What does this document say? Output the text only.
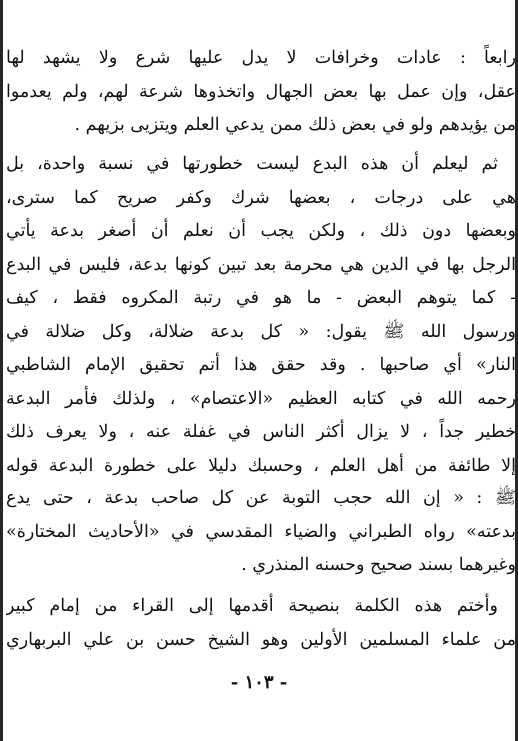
رابعاً : عادات وخرافات لا يدل عليها شرع ولا يشهد لها
عقل، وإن عمل بها بعض الجهال واتخذوها شرعة لهم، ولم يعدموا
من يؤيدهم ولو في بعض ذلك ممن يدعي العلم ويتزيى بزيهم .
ثم ليعلم أن هذه البدع ليست خطورتها في نسبة واحدة، بل
هي على درجات ، بعضها شرك وكفر صريح كما سترى،
وبعضها دون ذلك ، ولكن يجب أن نعلم أن أصغر بدعة يأتي
الرجل بها في الدين هي محرمة بعد تبين كونها بدعة، فليس في البدع
- كما يتوهم البعض - ما هو في رتبة المكروه فقط ، كيف
ورسول الله ﷺ يقول: « كل بدعة ضلالة، وكل ضلالة في
النار» أي صاحبها . وقد حقق هذا أتم تحقيق الإمام الشاطبي
رحمه الله في كتابه العظيم «الاعتصام» ، ولذلك فأمر البدعة
خطير جداً ، لا يزال أكثر الناس في غفلة عنه ، ولا يعرف ذلك
إلا طائفة من أهل العلم ، وحسبك دليلا على خطورة البدعة قوله
ﷺ : « إن الله حجب التوبة عن كل صاحب بدعة ، حتى يدع
بدعته» رواه الطبراني والضياء المقدسي في «الأحاديث المختارة»
وغيرهما بسند صحيح وحسنه المنذري .
وأختم هذه الكلمة بنصيحة أقدمها إلى القراء من إمام كبير
من علماء المسلمين الأولين وهو الشيخ حسن بن علي البربهاري
- ١٠٣ -
